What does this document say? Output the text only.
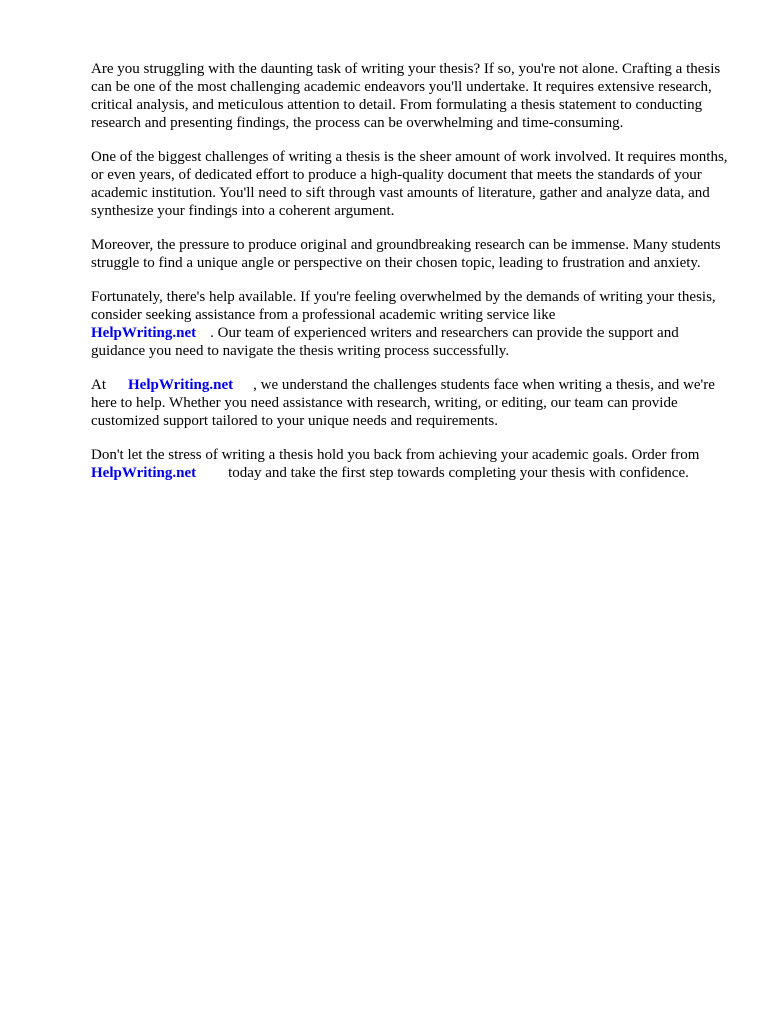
Are you struggling with the daunting task of writing your thesis? If so, you're not alone. Crafting a thesis can be one of the most challenging academic endeavors you'll undertake. It requires extensive research, critical analysis, and meticulous attention to detail. From formulating a thesis statement to conducting research and presenting findings, the process can be overwhelming and time-consuming.

One of the biggest challenges of writing a thesis is the sheer amount of work involved. It requires months, or even years, of dedicated effort to produce a high-quality document that meets the standards of your academic institution. You'll need to sift through vast amounts of literature, gather and analyze data, and synthesize your findings into a coherent argument.

Moreover, the pressure to produce original and groundbreaking research can be immense. Many students struggle to find a unique angle or perspective on their chosen topic, leading to frustration and anxiety.

Fortunately, there's help available. If you're feeling overwhelmed by the demands of writing your thesis, consider seeking assistance from a professional academic writing service like
HelpWriting.net . Our team of experienced writers and researchers can provide the support and guidance you need to navigate the thesis writing process successfully.

At HelpWriting.net , we understand the challenges students face when writing a thesis, and we're here to help. Whether you need assistance with research, writing, or editing, our team can provide customized support tailored to your unique needs and requirements.

Don't let the stress of writing a thesis hold you back from achieving your academic goals. Order fromHelpWriting.net today and take the first step towards completing your thesis with confidence.
